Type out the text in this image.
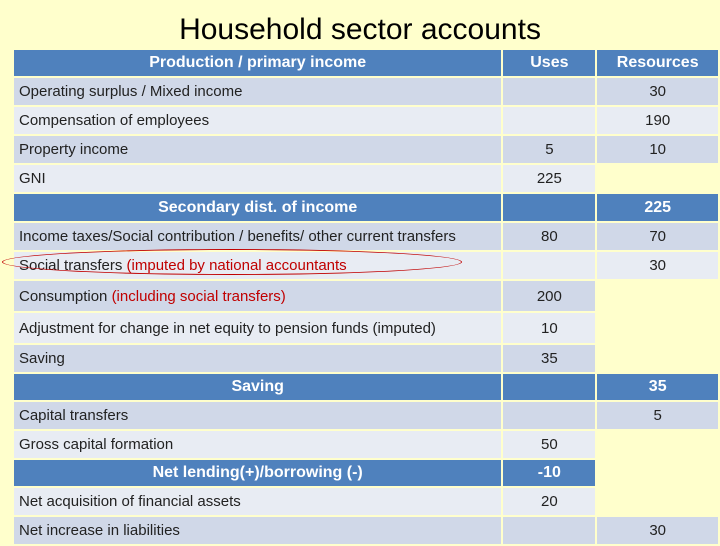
Household sector accounts
Production / primary income	Uses	Resources
Operating surplus / Mixed income		30
Compensation of employees		190
Property income	5	10
GNI	225	
Secondary dist. of income		225
Income taxes/Social contribution / benefits/ other current transfers	80	70
Social transfers (imputed by national accountants		30
Consumption (including social transfers)	200	
Adjustment for change in net equity to pension funds (imputed)	10	
Saving	35	
Saving		35
Capital transfers		5
Gross capital formation	50	
Net lending(+)/borrowing (-)	-10	
Net acquisition of financial assets	20	
Net increase in liabilities		30
